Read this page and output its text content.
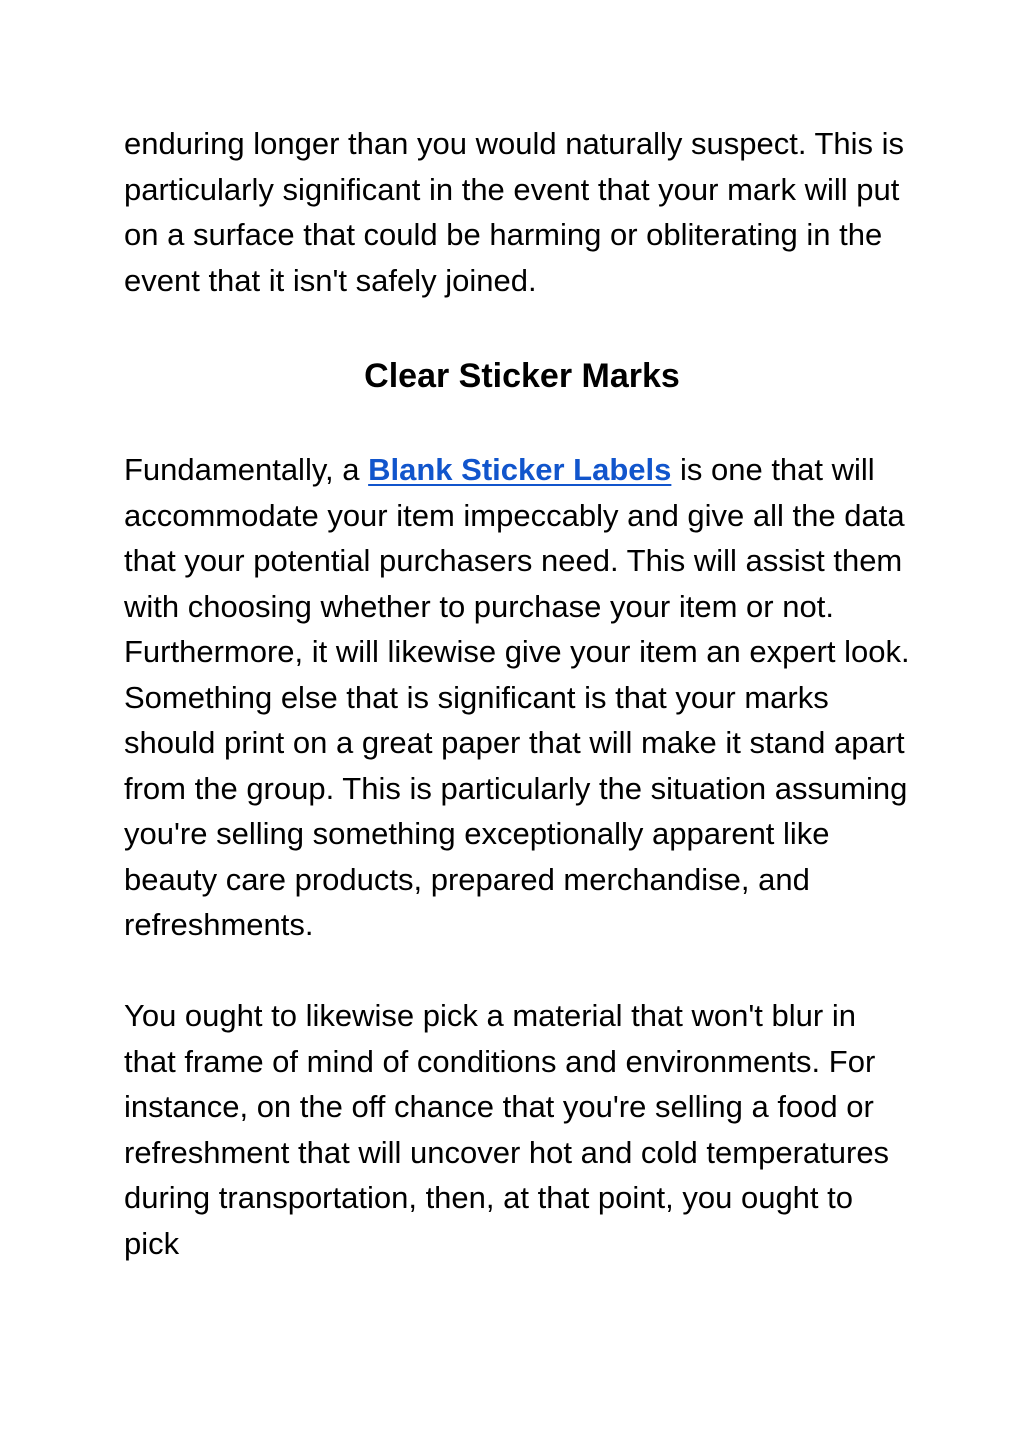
enduring longer than you would naturally suspect. This is particularly significant in the event that your mark will put on a surface that could be harming or obliterating in the event that it isn't safely joined.

Clear Sticker Marks

Fundamentally, a Blank Sticker Labels is one that will accommodate your item impeccably and give all the data that your potential purchasers need. This will assist them with choosing whether to purchase your item or not. Furthermore, it will likewise give your item an expert look. Something else that is significant is that your marks should print on a great paper that will make it stand apart from the group. This is particularly the situation assuming you're selling something exceptionally apparent like beauty care products, prepared merchandise, and refreshments.

You ought to likewise pick a material that won't blur in that frame of mind of conditions and environments. For instance, on the off chance that you're selling a food or refreshment that will uncover hot and cold temperatures during transportation, then, at that point, you ought to pick
